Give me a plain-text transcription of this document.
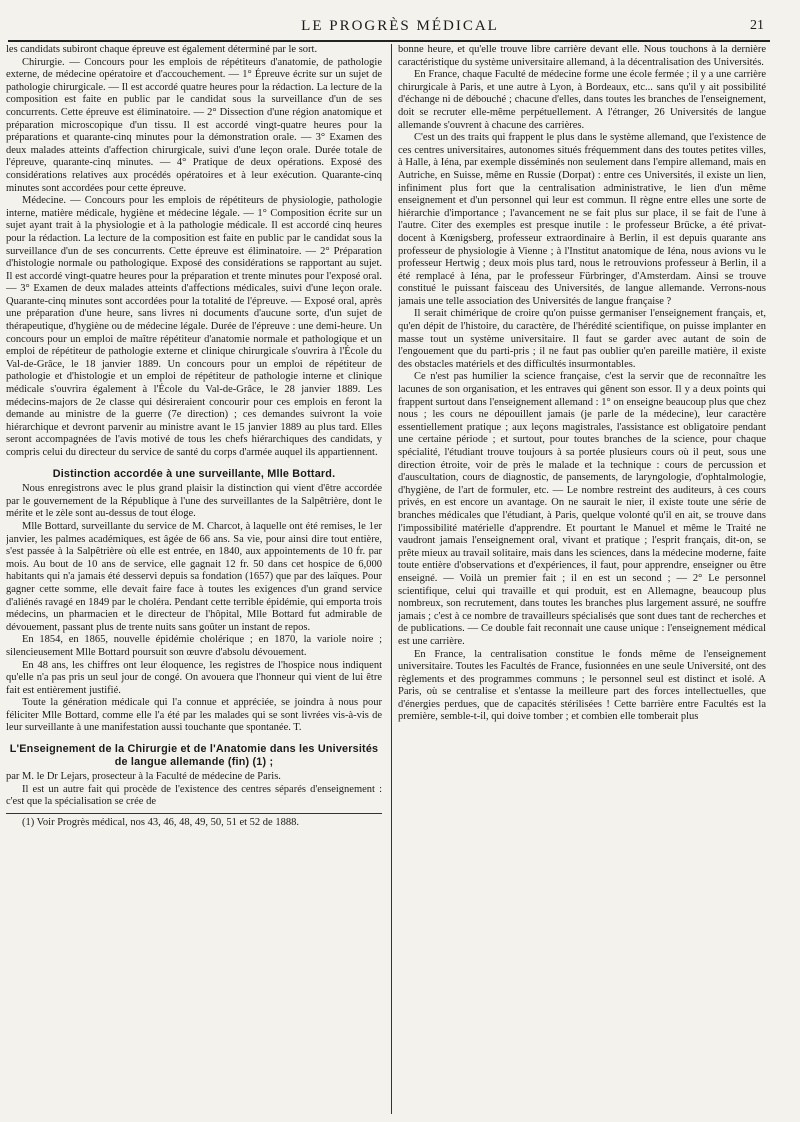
LE PROGRÈS MÉDICAL	21

les candidats subiront chaque épreuve est également déterminé par le sort.

Chirurgie. — Concours pour les emplois de répétiteurs d'anatomie, de pathologie externe, de médecine opératoire et d'accouchement. — 1° Épreuve écrite sur un sujet de pathologie chirurgicale. — Il est accordé quatre heures pour la rédaction. La lecture de la composition est faite en public par le candidat sous la surveillance d'un de ses concurrents. Cette épreuve est éliminatoire. — 2° Dissection d'une région anatomique et préparation microscopique d'un tissu. Il est accordé vingt-quatre heures pour la préparations et quarante-cinq minutes pour la démonstration orale. — 3° Examen des deux malades atteints d'affection chirurgicale, suivi d'une leçon orale. Durée totale de l'épreuve, quarante-cinq minutes. — 4° Pratique de deux opérations. Exposé des considérations relatives aux procédés opératoires et à leur exécution. Quarante-cinq minutes sont accordées pour cette épreuve.

Médecine. — Concours pour les emplois de répétiteurs de physiologie, pathologie interne, matière médicale, hygiène et médecine légale. — 1° Composition écrite sur un sujet ayant trait à la physiologie et à la pathologie médicale. Il est accordé cinq heures pour la rédaction. La lecture de la composition est faite en public par le candidat sous la surveillance d'un de ses concurrents. Cette épreuve est éliminatoire. — 2° Préparation d'histologie normale ou pathologique. Exposé des considérations se rapportant au sujet. Il est accordé vingt-quatre heures pour la préparation et trente minutes pour l'exposé oral. — 3° Examen de deux malades atteints d'affections médicales, suivi d'une leçon orale. Quarante-cinq minutes sont accordées pour la totalité de l'épreuve. — Exposé oral, après une préparation d'une heure, sans livres ni documents d'aucune sorte, d'un sujet de thérapeutique, d'hygiène ou de médecine légale. Durée de l'épreuve : une demi-heure. Un concours pour un emploi de maître répétiteur d'anatomie normale et pathologique et un emploi de répétiteur de pathologie externe et clinique chirurgicale s'ouvrira à l'École du Val-de-Grâce, le 18 janvier 1889. Un concours pour un emploi de répétiteur de pathologie et d'histologie et un emploi de répétiteur de pathologie interne et clinique médicale s'ouvrira également à l'École du Val-de-Grâce, le 28 janvier 1889. Les médecins-majors de 2e classe qui désireraient concourir pour ces emplois en feront la demande au ministre de la guerre (7e direction) ; ces demandes suivront la voie hiérarchique et devront parvenir au ministre avant le 15 janvier 1889 au plus tard. Elles seront accompagnées de l'avis motivé de tous les chefs hiérarchiques des candidats, y compris celui du directeur du service de santé du corps d'armée auquel ils appartiennent.

Distinction accordée à une surveillante, Mlle Bottard.

Nous enregistrons avec le plus grand plaisir la distinction qui vient d'être accordée par le gouvernement de la République à l'une des surveillantes de la Salpêtrière, dont le mérite et le zèle sont au-dessus de tout éloge.

Mlle Bottard, surveillante du service de M. Charcot, à laquelle ont été remises, le 1er janvier, les palmes académiques, est âgée de 66 ans. Sa vie, pour ainsi dire tout entière, s'est passée à la Salpêtrière où elle est entrée, en 1840, aux appointements de 10 fr. par mois. Au bout de 10 ans de service, elle gagnait 12 fr. 50 dans cet hospice de 6,000 habitants qui n'a jamais été desservi depuis sa fondation (1657) que par des laïques. Pour gagner cette somme, elle devait faire face à toutes les exigences d'un grand service d'aliénés ravagé en 1849 par le choléra. Pendant cette terrible épidémie, qui emporta trois médecins, un pharmacien et le directeur de l'hôpital, Mlle Bottard fut admirable de dévouement, passant plus de trente nuits sans goûter un instant de repos.

En 1854, en 1865, nouvelle épidémie cholérique ; en 1870, la variole noire ; silencieusement Mlle Bottard poursuit son œuvre d'absolu dévouement.

En 48 ans, les chiffres ont leur éloquence, les registres de l'hospice nous indiquent qu'elle n'a pas pris un seul jour de congé. On avouera que l'honneur qui vient de lui être fait est entièrement justifié.

Toute la génération médicale qui l'a connue et appréciée, se joindra à nous pour féliciter Mlle Bottard, comme elle l'a été par les malades qui se sont livrées vis-à-vis de leur surveillante à une manifestation aussi touchante que spontanée. T.

L'Enseignement de la Chirurgie et de l'Anatomie dans les Universités de langue allemande (fin) (1) ;

par M. le Dr Lejars, prosecteur à la Faculté de médecine de Paris.

Il est un autre fait qui procède de l'existence des centres séparés d'enseignement : c'est que la spécialisation se crée de

(1) Voir Progrès médical, nos 43, 46, 48, 49, 50, 51 et 52 de 1888.

bonne heure, et qu'elle trouve libre carrière devant elle. Nous touchons à la dernière caractéristique du système universitaire allemand, à la décentralisation des Universités.

En France, chaque Faculté de médecine forme une école fermée ; il y a une carrière chirurgicale à Paris, et une autre à Lyon, à Bordeaux, etc... sans qu'il y ait possibilité d'échange ni de débouché ; chacune d'elles, dans toutes les branches de l'enseignement, doit se recruter elle-même perpétuellement. A l'étranger, 26 Universités de langue allemande s'ouvrent à chacune des carrières.

C'est un des traits qui frappent le plus dans le système allemand, que l'existence de ces centres universitaires, autonomes situés fréquemment dans des toutes petites villes, à Halle, à Iéna, par exemple disséminés non seulement dans l'empire allemand, mais en Autriche, en Suisse, même en Russie (Dorpat) : entre ces Universités, il existe un lien, infiniment plus fort que la centralisation administrative, le lien d'un même enseignement et d'un personnel qui leur est commun. Il règne entre elles une sorte de hiérarchie d'importance ; l'avancement ne se fait plus sur place, il se fait de l'une à l'autre. Citer des exemples est presque inutile : le professeur Brücke, a été privat-docent à Kœnigsberg, professeur extraordinaire à Berlin, il est depuis quarante ans professeur de physiologie à Vienne ; à l'Institut anatomique de Iéna, nous avions vu le professeur Hertwig ; deux mois plus tard, nous le retrouvions professeur à Berlin, il a été remplacé à Iéna, par le professeur Fürbringer, d'Amsterdam. Ainsi se trouve constitué le puissant faisceau des Universités, de langue allemande. Verrons-nous jamais une telle association des Universités de langue française ?

Il serait chimérique de croire qu'on puisse germaniser l'enseignement français, et, qu'en dépit de l'histoire, du caractère, de l'hérédité scientifique, on puisse implanter en masse tout un système universitaire. Il faut se garder avec autant de soin de l'engouement que du parti-pris ; il ne faut pas oublier qu'en pareille matière, il existe des obstacles matériels et des difficultés insurmontables.

Ce n'est pas humilier la science française, c'est la servir que de reconnaître les lacunes de son organisation, et les entraves qui gênent son essor. Il y a deux points qui frappent surtout dans l'enseignement allemand : 1° on enseigne beaucoup plus que chez nous ; les cours ne dépouillent jamais (je parle de la médecine), leur caractère essentiellement pratique ; aux leçons magistrales, l'assistance est obligatoire pendant une certaine période ; et surtout, pour toutes branches de la science, pour chaque spécialité, l'étudiant trouve toujours à sa portée plusieurs cours où il peut, sous une direction étroite, voir de près le malade et la technique : cours de percussion et d'auscultation, cours de diagnostic, de pansements, de laryngologie, d'ophtalmologie, d'hygiène, de l'art de formuler, etc. — Le nombre restreint des auditeurs, à ces cours privés, en est encore un avantage. On ne saurait le nier, il existe toute une série de branches médicales que l'étudiant, à Paris, quelque volonté qu'il en ait, se trouve dans l'impossibilité matérielle d'apprendre. Et pourtant le Manuel et même le Traité ne vaudront jamais l'enseignement oral, vivant et pratique ; l'esprit français, dit-on, se prête mieux au travail solitaire, mais dans les sciences, dans la médecine moderne, faite toute entière d'observations et d'expériences, il faut, pour apprendre, enseigner ou être enseigné. — Voilà un premier fait ; il en est un second ; — 2° Le personnel scientifique, celui qui travaille et qui produit, est en Allemagne, beaucoup plus nombreux, son recrutement, dans toutes les branches plus largement assuré, ne souffre jamais ; c'est à ce nombre de travailleurs spécialisés que sont dues tant de recherches et de publications. — Ce double fait reconnait une cause unique : l'enseignement médical est une carrière.

En France, la centralisation constitue le fonds même de l'enseignement universitaire. Toutes les Facultés de France, fusionnées en une seule Université, ont des règlements et des programmes communs ; le personnel seul est distinct et isolé. A Paris, où se centralise et s'entasse la meilleure part des forces intellectuelles, que d'énergies perdues, que de capacités stérilisées ! Cette barrière entre Facultés est la première, semble-t-il, qui doive tomber ; et combien elle tomberait plus
